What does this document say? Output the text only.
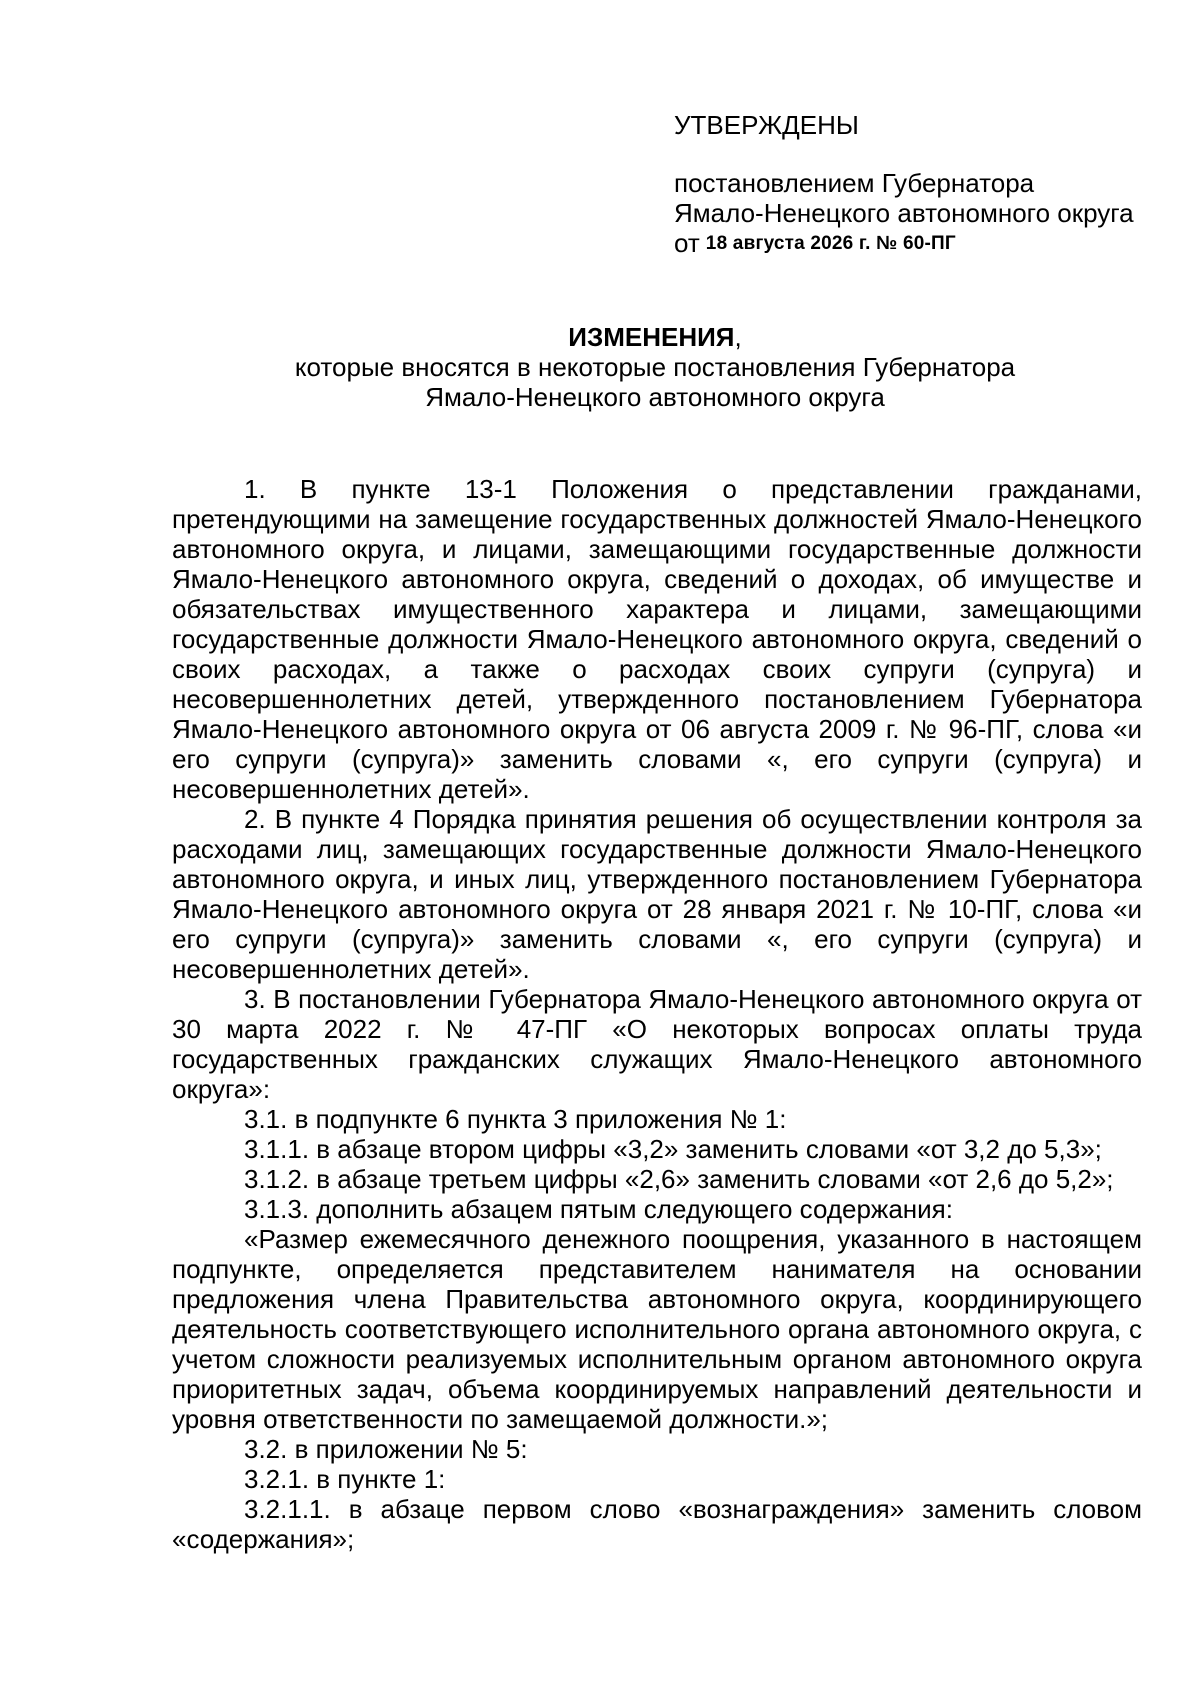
УТВЕРЖДЕНЫ
постановлением Губернатора
Ямало-Ненецкого автономного округа
от 18 августа 2026 г. № 60-ПГ
ИЗМЕНЕНИЯ,
которые вносятся в некоторые постановления Губернатора
Ямало-Ненецкого автономного округа

1. В пункте 13-1 Положения о представлении гражданами, претендующими на замещение государственных должностей Ямало-Ненецкого автономного округа, и лицами, замещающими государственные должности Ямало-Ненецкого автономного округа, сведений о доходах, об имуществе и обязательствах имущественного характера и лицами, замещающими государственные должности Ямало-Ненецкого автономного округа, сведений о своих расходах, а также о расходах своих супруги (супруга) и несовершеннолетних детей, утвержденного постановлением Губернатора Ямало-Ненецкого автономного округа от 06 августа 2009 г. № 96-ПГ, слова «и его супруги (супруга)» заменить словами «, его супруги (супруга) и несовершеннолетних детей».

2. В пункте 4 Порядка принятия решения об осуществлении контроля за расходами лиц, замещающих государственные должности Ямало-Ненецкого автономного округа, и иных лиц, утвержденного постановлением Губернатора Ямало-Ненецкого автономного округа от 28 января 2021 г. № 10-ПГ, слова «и его супруги (супруга)» заменить словами «, его супруги (супруга) и несовершеннолетних детей».

3. В постановлении Губернатора Ямало-Ненецкого автономного округа от 30 марта 2022 г. № 47-ПГ «О некоторых вопросах оплаты труда государственных гражданских служащих Ямало-Ненецкого автономного округа»:

3.1. в подпункте 6 пункта 3 приложения № 1:

3.1.1. в абзаце втором цифры «3,2» заменить словами «от 3,2 до 5,3»;

3.1.2. в абзаце третьем цифры «2,6» заменить словами «от 2,6 до 5,2»;

3.1.3. дополнить абзацем пятым следующего содержания:

«Размер ежемесячного денежного поощрения, указанного в настоящем подпункте, определяется представителем нанимателя на основании предложения члена Правительства автономного округа, координирующего деятельность соответствующего исполнительного органа автономного округа, с учетом сложности реализуемых исполнительным органом автономного округа приоритетных задач, объема координируемых направлений деятельности и уровня ответственности по замещаемой должности.»;

3.2. в приложении № 5:

3.2.1. в пункте 1:

3.2.1.1. в абзаце первом слово «вознаграждения» заменить словом «содержания»;
